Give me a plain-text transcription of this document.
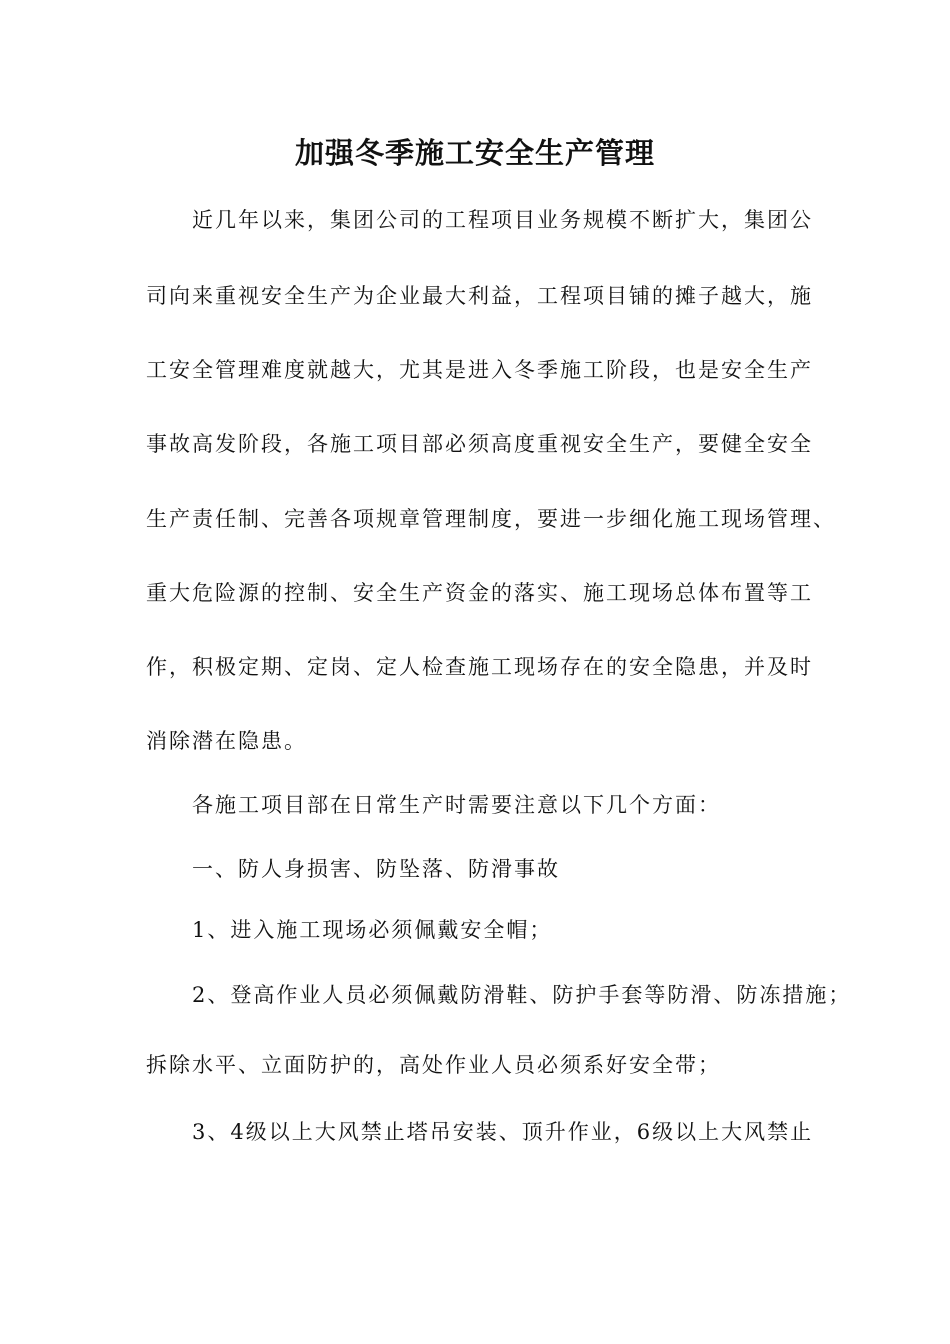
加强冬季施工安全生产管理
近几年以来，集团公司的工程项目业务规模不断扩大，集团公
司向来重视安全生产为企业最大利益，工程项目铺的摊子越大，施
工安全管理难度就越大，尤其是进入冬季施工阶段，也是安全生产
事故高发阶段，各施工项目部必须高度重视安全生产，要健全安全
生产责任制、完善各项规章管理制度，要进一步细化施工现场管理、
重大危险源的控制、安全生产资金的落实、施工现场总体布置等工
作，积极定期、定岗、定人检查施工现场存在的安全隐患，并及时
消除潜在隐患。
各施工项目部在日常生产时需要注意以下几个方面：
一、防人身损害、防坠落、防滑事故
1、进入施工现场必须佩戴安全帽；
2、登高作业人员必须佩戴防滑鞋、防护手套等防滑、防冻措施；
拆除水平、立面防护的，高处作业人员必须系好安全带；
3、4级以上大风禁止塔吊安装、顶升作业，6级以上大风禁止
